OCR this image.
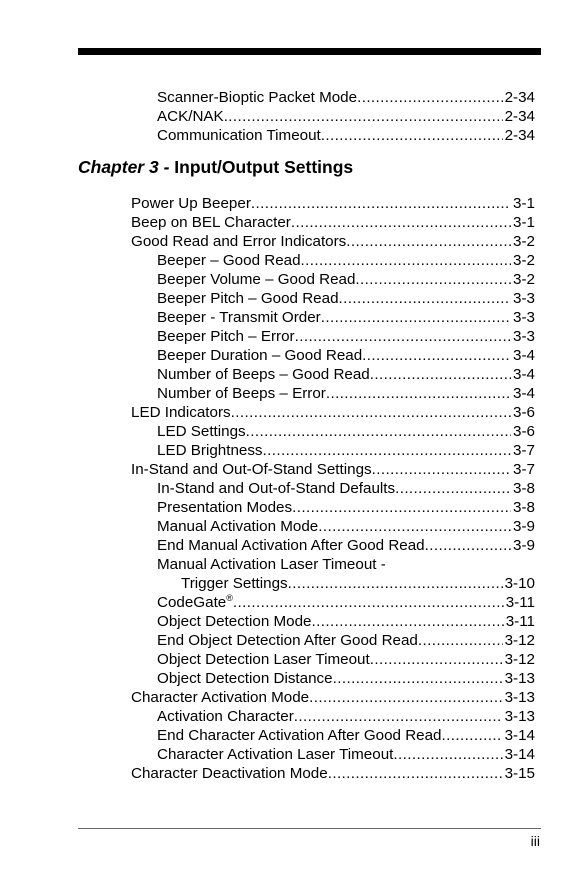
Scanner-Bioptic Packet Mode .....	2-34
ACK/NAK .....	2-34
Communication Timeout .....	2-34
Chapter 3 - Input/Output Settings
Power Up Beeper .....	3-1
Beep on BEL Character .....	3-1
Good Read and Error Indicators .....	3-2
Beeper – Good Read .....	3-2
Beeper Volume – Good Read .....	3-2
Beeper Pitch – Good Read .....	3-3
Beeper - Transmit Order .....	3-3
Beeper Pitch – Error .....	3-3
Beeper Duration – Good Read .....	3-4
Number of Beeps – Good Read .....	3-4
Number of Beeps – Error .....	3-4
LED Indicators .....	3-6
LED Settings .....	3-6
LED Brightness .....	3-7
In-Stand and Out-Of-Stand Settings .....	3-7
In-Stand and Out-of-Stand Defaults .....	3-8
Presentation Modes .....	3-8
Manual Activation Mode .....	3-9
End Manual Activation After Good Read .....	3-9
Manual Activation Laser Timeout -
Trigger Settings .....	3-10
CodeGate® .....	3-11
Object Detection Mode .....	3-11
End Object Detection After Good Read .....	3-12
Object Detection Laser Timeout .....	3-12
Object Detection Distance .....	3-13
Character Activation Mode .....	3-13
Activation Character .....	3-13
End Character Activation After Good Read .....	3-14
Character Activation Laser Timeout .....	3-14
Character Deactivation Mode .....	3-15
iii
